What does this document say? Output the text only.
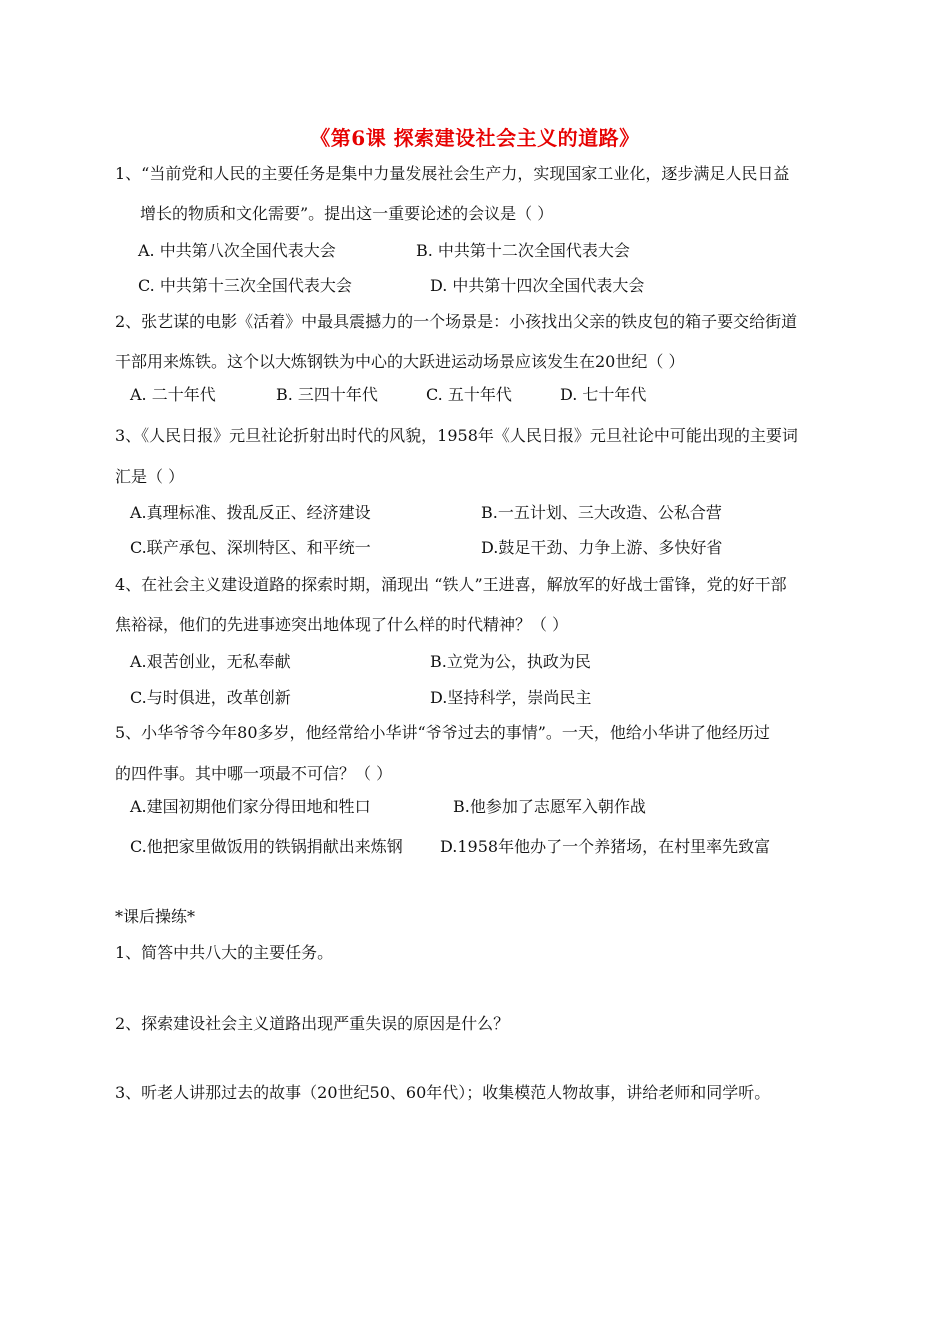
《第6课 探索建设社会主义的道路》
1、“当前党和人民的主要任务是集中力量发展社会生产力，实现国家工业化，逐步满足人民日益
增长的物质和文化需要”。提出这一重要论述的会议是（ ）
A. 中共第八次全国代表大会	B. 中共第十二次全国代表大会
C. 中共第十三次全国代表大会	D. 中共第十四次全国代表大会
2、张艺谋的电影《活着》中最具震撼力的一个场景是：小孩找出父亲的铁皮包的箱子要交给街道
干部用来炼铁。这个以大炼钢铁为中心的大跃进运动场景应该发生在20世纪（ ）
A. 二十年代	B. 三四十年代	C. 五十年代	D. 七十年代
3、《人民日报》元旦社论折射出时代的风貌，1958年《人民日报》元旦社论中可能出现的主要词
汇是（ ）
A.真理标准、拨乱反正、经济建设	B.一五计划、三大改造、公私合营
C.联产承包、深圳特区、和平统一	D.鼓足干劲、力争上游、多快好省
4、在社会主义建设道路的探索时期，涌现出 “铁人”王进喜，解放军的好战士雷锋，党的好干部
焦裕禄，他们的先进事迹突出地体现了什么样的时代精神？（ ）
A.艰苦创业，无私奉献	B.立党为公，执政为民
C.与时俱进，改革创新	D.坚持科学，崇尚民主
5、小华爷爷今年80多岁，他经常给小华讲“爷爷过去的事情”。一天，他给小华讲了他经历过
的四件事。其中哪一项最不可信？（ ）
A.建国初期他们家分得田地和牲口	B.他参加了志愿军入朝作战
C.他把家里做饭用的铁锅捐献出来炼钢 D.1958年他办了一个养猪场，在村里率先致富
*课后操练*
1、简答中共八大的主要任务。
2、探索建设社会主义道路出现严重失误的原因是什么？
3、听老人讲那过去的故事（20世纪50、60年代）；收集模范人物故事，讲给老师和同学听。
